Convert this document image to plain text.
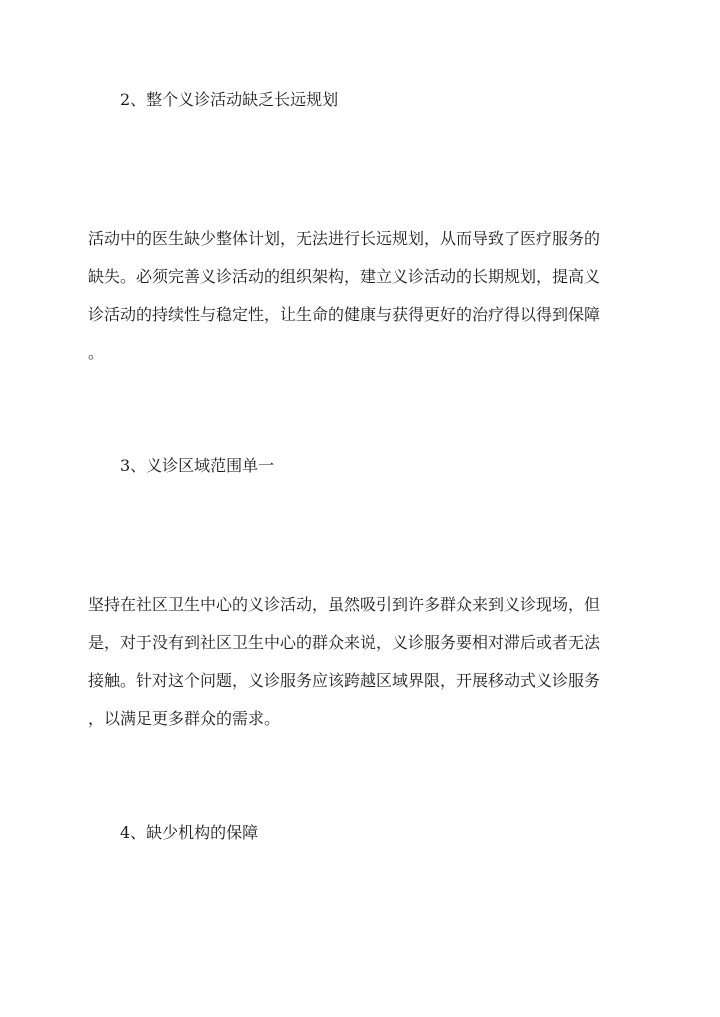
2、整个义诊活动缺乏长远规划
活动中的医生缺少整体计划，无法进行长远规划，从而导致了医疗服务的
缺失。必须完善义诊活动的组织架构，建立义诊活动的长期规划，提高义
诊活动的持续性与稳定性，让生命的健康与获得更好的治疗得以得到保障
。
3、义诊区域范围单一
坚持在社区卫生中心的义诊活动，虽然吸引到许多群众来到义诊现场，但
是，对于没有到社区卫生中心的群众来说，义诊服务要相对滞后或者无法
接触。针对这个问题，义诊服务应该跨越区域界限，开展移动式义诊服务
，以满足更多群众的需求。
4、缺少机构的保障
